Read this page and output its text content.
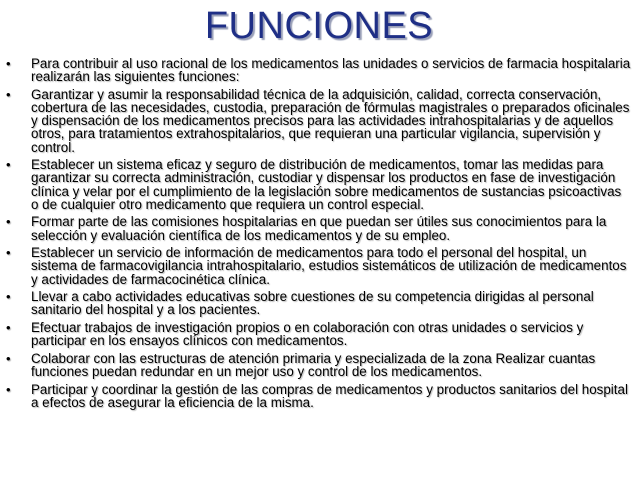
FUNCIONES
•	Para contribuir al uso racional de los medicamentos las unidades o servicios de farmacia hospitalaria realizarán las siguientes funciones:
•	Garantizar y asumir la responsabilidad técnica de la adquisición, calidad, correcta conservación, cobertura de las necesidades, custodia, preparación de fórmulas magistrales o preparados oficinales y dispensación de los medicamentos precisos para las actividades intrahospitalarias y de aquellos otros, para tratamientos extrahospitalarios, que requieran una particular vigilancia, supervisión y control.
•	Establecer un sistema eficaz y seguro de distribución de medicamentos, tomar las medidas para garantizar su correcta administración, custodiar y dispensar los productos en fase de investigación clínica y velar por el cumplimiento de la legislación sobre medicamentos de sustancias psicoactivas o de cualquier otro medicamento que requiera un control especial.
•	Formar parte de las comisiones hospitalarias en que puedan ser útiles sus conocimientos para la selección y evaluación científica de los medicamentos y de su empleo.
•	Establecer un servicio de información de medicamentos para todo el personal del hospital, un sistema de farmacovigilancia intrahospitalario, estudios sistemáticos de utilización de medicamentos y actividades de farmacocinética clínica.
•	Llevar a cabo actividades educativas sobre cuestiones de su competencia dirigidas al personal sanitario del hospital y a los pacientes.
•	Efectuar trabajos de investigación propios o en colaboración con otras unidades o servicios y participar en los ensayos clínicos con medicamentos.
•	Colaborar con las estructuras de atención primaria y especializada de la zona Realizar cuantas funciones puedan redundar en un mejor uso y control de los medicamentos.
•	Participar y coordinar la gestión de las compras de medicamentos y productos sanitarios del hospital a efectos de asegurar la eficiencia de la misma.
